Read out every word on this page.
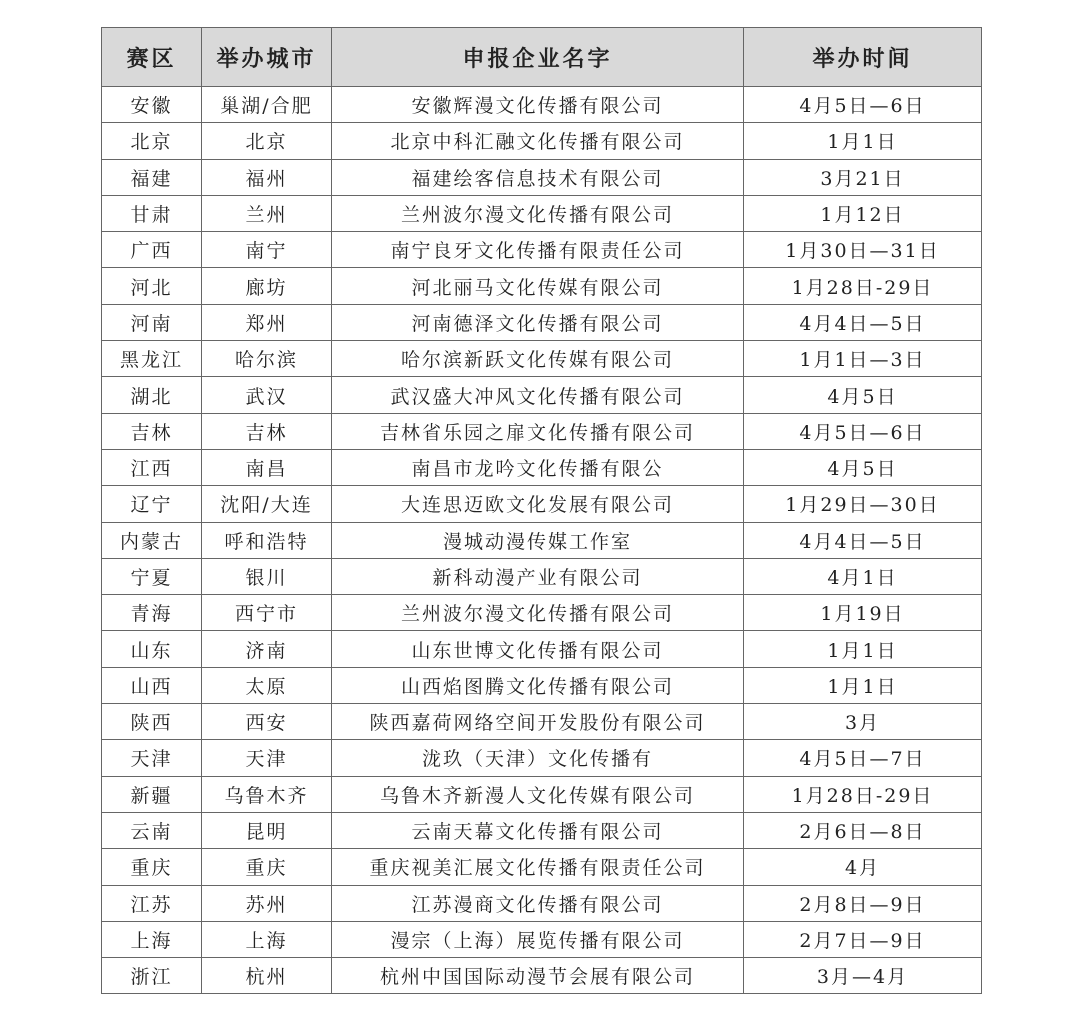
赛区	举办城市	申报企业名字	举办时间
安徽	巢湖/合肥	安徽辉漫文化传播有限公司	4月5日—6日
北京	北京	北京中科汇融文化传播有限公司	1月1日
福建	福州	福建绘客信息技术有限公司	3月21日
甘肃	兰州	兰州波尔漫文化传播有限公司	1月12日
广西	南宁	南宁良牙文化传播有限责任公司	1月30日—31日
河北	廊坊	河北丽马文化传媒有限公司	1月28日-29日
河南	郑州	河南德泽文化传播有限公司	4月4日—5日
黑龙江	哈尔滨	哈尔滨新跃文化传媒有限公司	1月1日—3日
湖北	武汉	武汉盛大冲风文化传播有限公司	4月5日
吉林	吉林	吉林省乐园之扉文化传播有限公司	4月5日—6日
江西	南昌	南昌市龙吟文化传播有限公	4月5日
辽宁	沈阳/大连	大连思迈欧文化发展有限公司	1月29日—30日
内蒙古	呼和浩特	漫城动漫传媒工作室	4月4日—5日
宁夏	银川	新科动漫产业有限公司	4月1日
青海	西宁市	兰州波尔漫文化传播有限公司	1月19日
山东	济南	山东世博文化传播有限公司	1月1日
山西	太原	山西焰图腾文化传播有限公司	1月1日
陕西	西安	陕西嘉荷网络空间开发股份有限公司	3月
天津	天津	泷玖（天津）文化传播有	4月5日—7日
新疆	乌鲁木齐	乌鲁木齐新漫人文化传媒有限公司	1月28日-29日
云南	昆明	云南天幕文化传播有限公司	2月6日—8日
重庆	重庆	重庆视美汇展文化传播有限责任公司	4月
江苏	苏州	江苏漫商文化传播有限公司	2月8日—9日
上海	上海	漫宗（上海）展览传播有限公司	2月7日—9日
浙江	杭州	杭州中国国际动漫节会展有限公司	3月—4月
